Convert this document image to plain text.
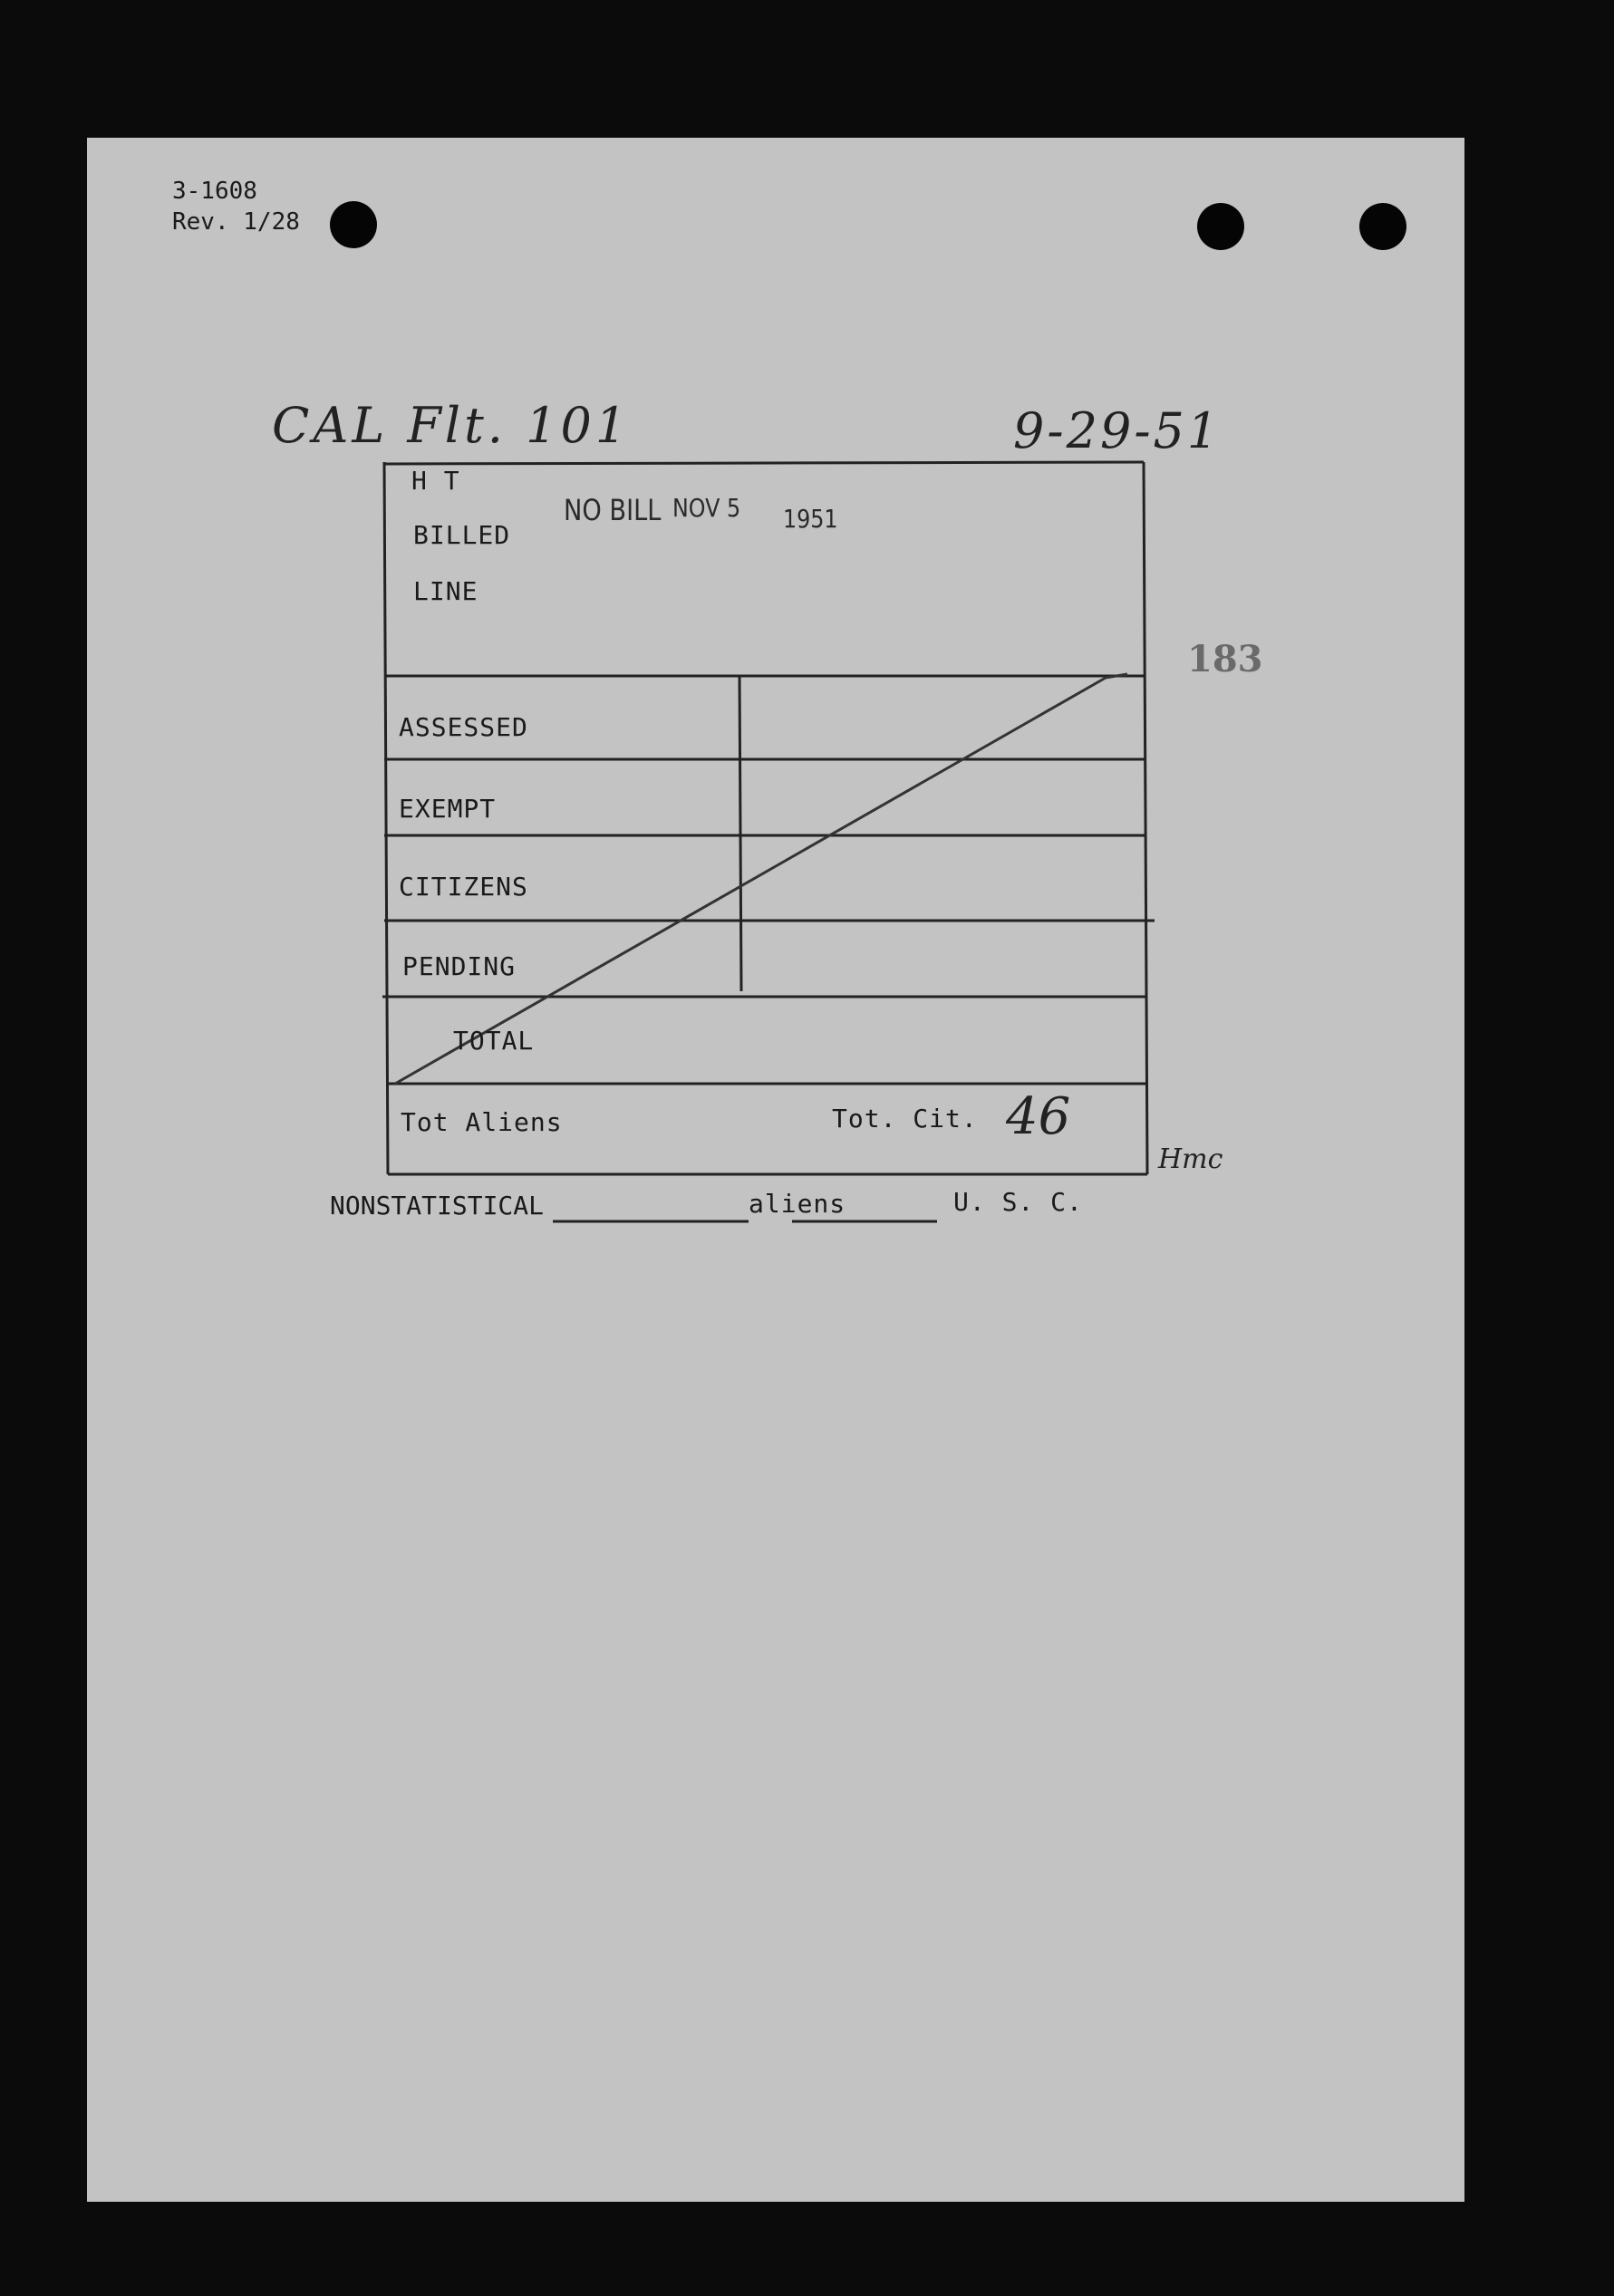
3-1608
Rev. 1/28
CAL Flt. 101	9-29-51
183
H T
BILLED
LINE
NO BILL NOV 5 1951
ASSESSED
EXEMPT
CITIZENS
PENDING
TOTAL
Tot Aliens	Tot. Cit. 46
Hmc
NONSTATISTICAL	aliens	U. S. C.
